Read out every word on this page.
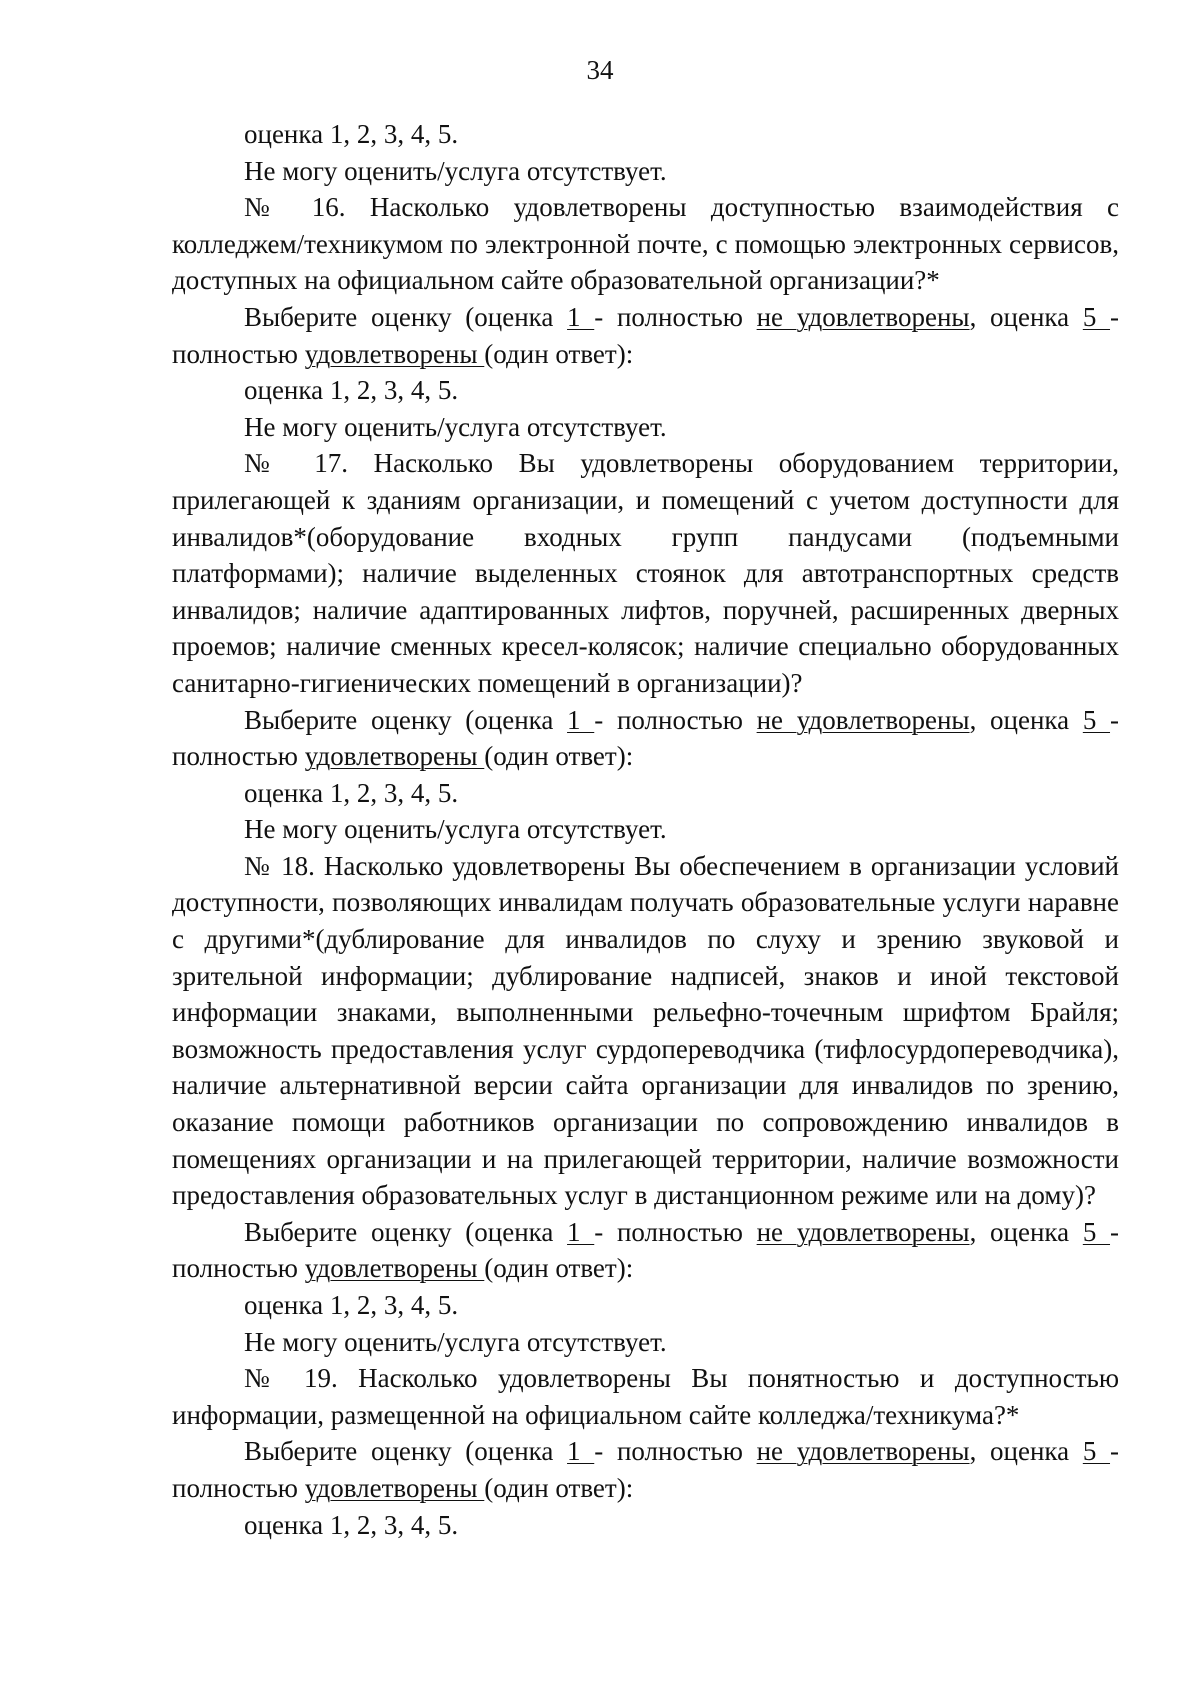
34

оценка 1, 2, 3, 4, 5.

Не могу оценить/услуга отсутствует.

№ 16. Насколько удовлетворены доступностью взаимодействия с колледжем/техникумом по электронной почте, с помощью электронных сервисов, доступных на официальном сайте образовательной организации?*

Выберите оценку (оценка 1 - полностью не удовлетворены, оценка 5 - полностью удовлетворены (один ответ):

оценка 1, 2, 3, 4, 5.

Не могу оценить/услуга отсутствует.

№ 17. Насколько Вы удовлетворены оборудованием территории, прилегающей к зданиям организации, и помещений с учетом доступности для инвалидов*(оборудование входных групп пандусами (подъемными платформами); наличие выделенных стоянок для автотранспортных средств инвалидов; наличие адаптированных лифтов, поручней, расширенных дверных проемов; наличие сменных кресел-колясок; наличие специально оборудованных санитарно-гигиенических помещений в организации)?

Выберите оценку (оценка 1 - полностью не удовлетворены, оценка 5 - полностью удовлетворены (один ответ):

оценка 1, 2, 3, 4, 5.

Не могу оценить/услуга отсутствует.

№ 18. Насколько удовлетворены Вы обеспечением в организации условий доступности, позволяющих инвалидам получать образовательные услуги наравне с другими*(дублирование для инвалидов по слуху и зрению звуковой и зрительной информации; дублирование надписей, знаков и иной текстовой информации знаками, выполненными рельефно-точечным шрифтом Брайля; возможность предоставления услуг сурдопереводчика (тифлосурдопереводчика), наличие альтернативной версии сайта организации для инвалидов по зрению, оказание помощи работников организации по сопровождению инвалидов в помещениях организации и на прилегающей территории, наличие возможности предоставления образовательных услуг в дистанционном режиме или на дому)?

Выберите оценку (оценка 1 - полностью не удовлетворены, оценка 5 - полностью удовлетворены (один ответ):

оценка 1, 2, 3, 4, 5.

Не могу оценить/услуга отсутствует.

№ 19. Насколько удовлетворены Вы понятностью и доступностью информации, размещенной на официальном сайте колледжа/техникума?*

Выберите оценку (оценка 1 - полностью не удовлетворены, оценка 5 - полностью удовлетворены (один ответ):

оценка 1, 2, 3, 4, 5.
